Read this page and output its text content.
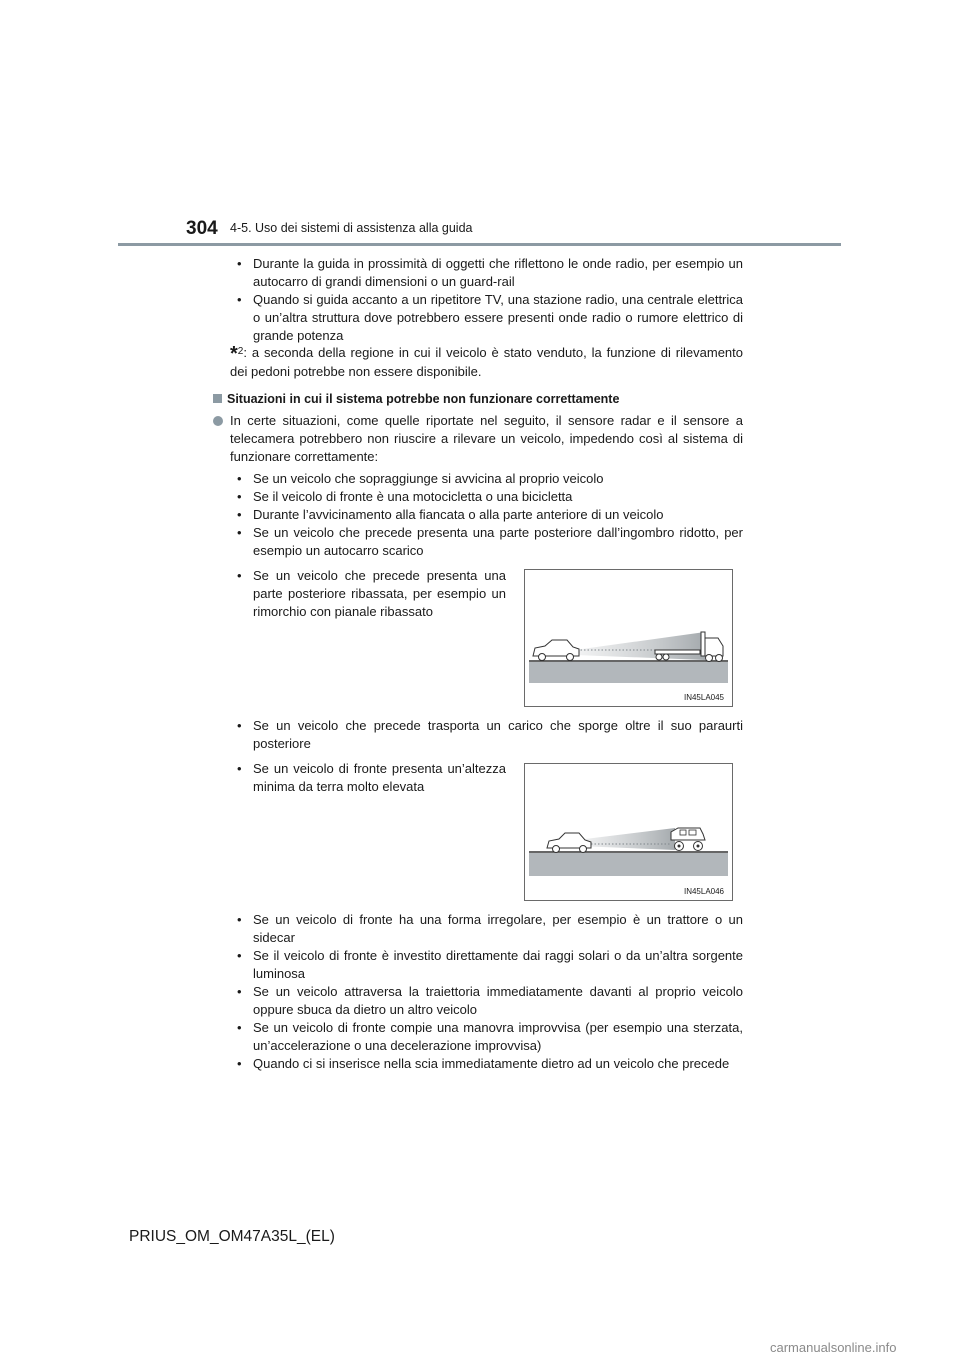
304 4-5. Uso dei sistemi di assistenza alla guida
• Durante la guida in prossimità di oggetti che riflettono le onde radio, per esempio un autocarro di grandi dimensioni o un guard-rail
• Quando si guida accanto a un ripetitore TV, una stazione radio, una centrale elettrica o un’altra struttura dove potrebbero essere presenti onde radio o rumore elettrico di grande potenza
*$^2$: a seconda della regione in cui il veicolo è stato venduto, la funzione di rilevamento dei pedoni potrebbe non essere disponibile.
Situazioni in cui il sistema potrebbe non funzionare correttamente
In certe situazioni, come quelle riportate nel seguito, il sensore radar e il sensore a telecamera potrebbero non riuscire a rilevare un veicolo, impedendo così al sistema di funzionare correttamente:
• Se un veicolo che sopraggiunge si avvicina al proprio veicolo
• Se il veicolo di fronte è una motocicletta o una bicicletta
• Durante l’avvicinamento alla fiancata o alla parte anteriore di un veicolo
• Se un veicolo che precede presenta una parte posteriore dall’ingombro ridotto, per esempio un autocarro scarico
• Se un veicolo che precede presenta una parte posteriore ribassata, per esempio un rimorchio con pianale ribassato
IN45LA045
• Se un veicolo che precede trasporta un carico che sporge oltre il suo paraurti posteriore
• Se un veicolo di fronte presenta un’altezza minima da terra molto elevata
IN45LA046
• Se un veicolo di fronte ha una forma irregolare, per esempio è un trattore o un sidecar
• Se il veicolo di fronte è investito direttamente dai raggi solari o da un’altra sorgente luminosa
• Se un veicolo attraversa la traiettoria immediatamente davanti al proprio veicolo oppure sbuca da dietro un altro veicolo
• Se un veicolo di fronte compie una manovra improvvisa (per esempio una sterzata, un’accelerazione o una decelerazione improvvisa)
• Quando ci si inserisce nella scia immediatamente dietro ad un veicolo che precede
PRIUS_OM_OM47A35L_(EL)
carmanualsonline.info
